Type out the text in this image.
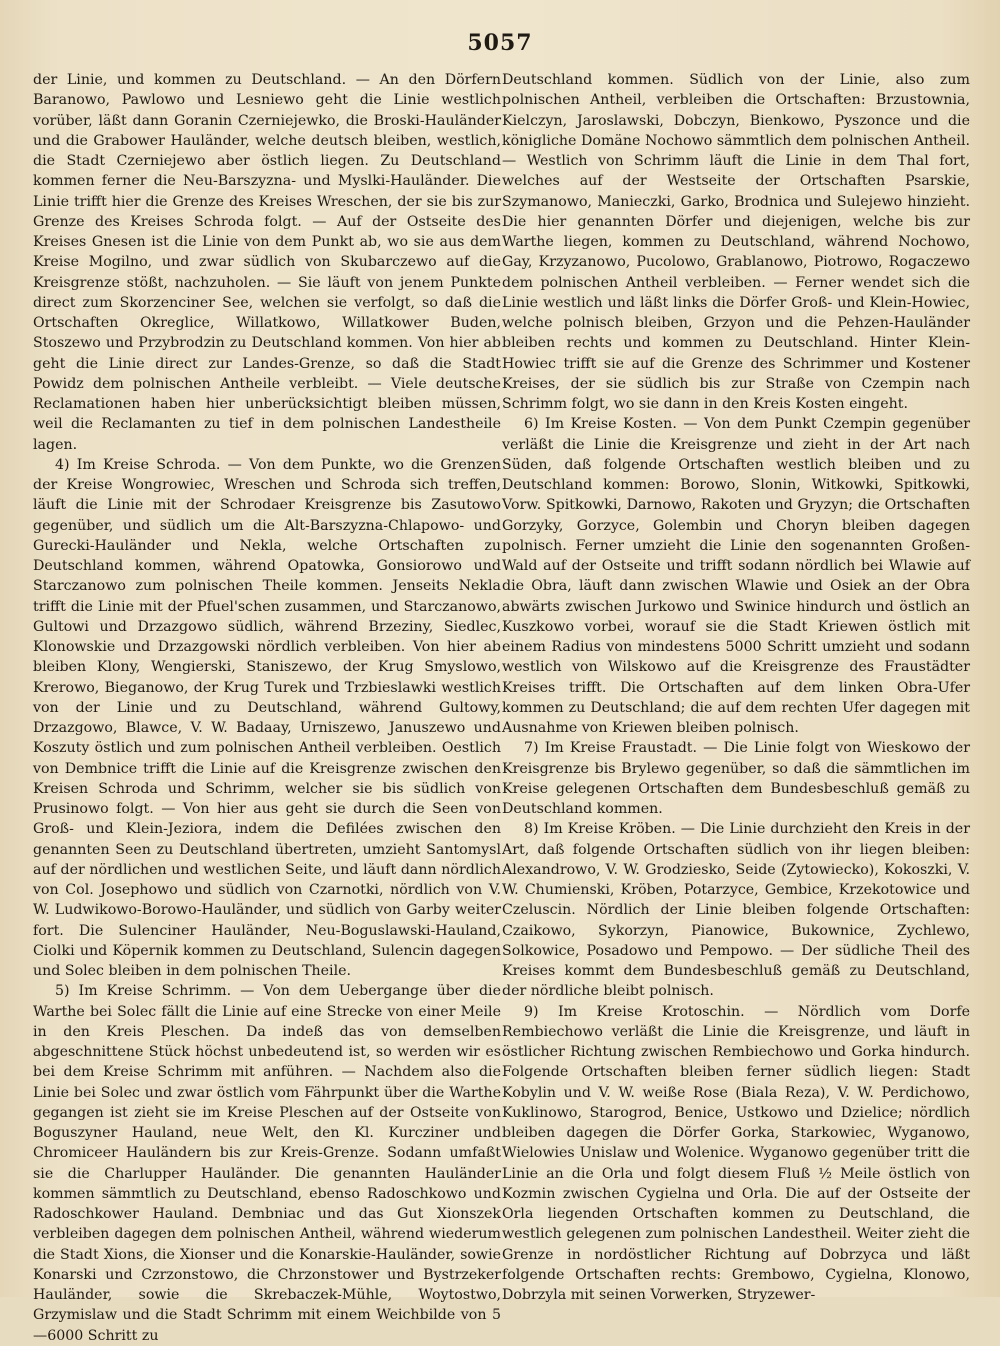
5057

der Linie, und kommen zu Deutschland. — An den Dörfern Baranowo, Pawlowo und Lesniewo geht die Linie westlich vorüber, läßt dann Goranin Czerniejewko, die Broski-Hauländer und die Grabower Hauländer, welche deutsch bleiben, westlich, die Stadt Czerniejewo aber östlich liegen. Zu Deutschland kommen ferner die Neu-Barszyzna- und Myslki-Hauländer. Die Linie trifft hier die Grenze des Kreises Wreschen, der sie bis zur Grenze des Kreises Schroda folgt. — Auf der Ostseite des Kreises Gnesen ist die Linie von dem Punkt ab, wo sie aus dem Kreise Mogilno, und zwar südlich von Skubarczewo auf die Kreisgrenze stößt, nachzuholen. — Sie läuft von jenem Punkte direct zum Skorzenciner See, welchen sie verfolgt, so daß die Ortschaften Okreglice, Willatkowo, Willatkower Buden, Stoszewo und Przybrodzin zu Deutschland kommen. Von hier ab geht die Linie direct zur Landes-Grenze, so daß die Stadt Powidz dem polnischen Antheile verbleibt. — Viele deutsche Reclamationen haben hier unberücksichtigt bleiben müssen, weil die Reclamanten zu tief in dem polnischen Landestheile lagen.

4) Im Kreise Schroda. — Von dem Punkte, wo die Grenzen der Kreise Wongrowiec, Wreschen und Schroda sich treffen, läuft die Linie mit der Schrodaer Kreisgrenze bis Zasutowo gegenüber, und südlich um die Alt-Barszyzna-Chlapowo- und Gurecki-Hauländer und Nekla, welche Ortschaften zu Deutschland kommen, während Opatowka, Gonsiorowo und Starczanowo zum polnischen Theile kommen. Jenseits Nekla trifft die Linie mit der Pfuel'schen zusammen, und Starczanowo, Gultowi und Drzazgowo südlich, während Brzeziny, Siedlec, Klonowskie und Drzazgowski nördlich verbleiben. Von hier ab bleiben Klony, Wengierski, Staniszewo, der Krug Smyslowo, Krerowo, Bieganowo, der Krug Turek und Trzbieslawki westlich von der Linie und zu Deutschland, während Gultowy, Drzazgowo, Blawce, V. W. Badaay, Urniszewo, Januszewo und Koszuty östlich und zum polnischen Antheil verbleiben. Oestlich von Dembnice trifft die Linie auf die Kreisgrenze zwischen den Kreisen Schroda und Schrimm, welcher sie bis südlich von Prusinowo folgt. — Von hier aus geht sie durch die Seen von Groß- und Klein-Jeziora, indem die Defilées zwischen den genannten Seen zu Deutschland übertreten, umzieht Santomysl auf der nördlichen und westlichen Seite, und läuft dann nördlich von Col. Josephowo und südlich von Czarnotki, nördlich von V. W. Ludwikowo-Borowo-Hauländer, und südlich von Garby weiter fort. Die Sulenciner Hauländer, Neu-Boguslawski-Hauland, Ciolki und Köpernik kommen zu Deutschland, Sulencin dagegen und Solec bleiben in dem polnischen Theile.

5) Im Kreise Schrimm. — Von dem Uebergange über die Warthe bei Solec fällt die Linie auf eine Strecke von einer Meile in den Kreis Pleschen. Da indeß das von demselben abgeschnittene Stück höchst unbedeutend ist, so werden wir es bei dem Kreise Schrimm mit anführen. — Nachdem also die Linie bei Solec und zwar östlich vom Fährpunkt über die Warthe gegangen ist zieht sie im Kreise Pleschen auf der Ostseite von Boguszyner Hauland, neue Welt, den Kl. Kurcziner und Chromiceer Hauländern bis zur Kreis-Grenze. Sodann umfaßt sie die Charlupper Hauländer. Die genannten Hauländer kommen sämmtlich zu Deutschland, ebenso Radoschkowo und Radoschkower Hauland. Dembniac und das Gut Xionszek verbleiben dagegen dem polnischen Antheil, während wiederum die Stadt Xions, die Xionser und die Konarskie-Hauländer, sowie Konarski und Czrzonstowo, die Chrzonstower und Bystrzeker Hauländer, sowie die Skrebaczek-Mühle, Woytostwo, Grzymislaw und die Stadt Schrimm mit einem Weichbilde von 5—6000 Schritt zu

Deutschland kommen. Südlich von der Linie, also zum polnischen Antheil, verbleiben die Ortschaften: Brzustownia, Kielczyn, Jaroslawski, Dobczyn, Bienkowo, Pyszonce und die königliche Domäne Nochowo sämmtlich dem polnischen Antheil. — Westlich von Schrimm läuft die Linie in dem Thal fort, welches auf der Westseite der Ortschaften Psarskie, Szymanowo, Manieczki, Garko, Brodnica und Sulejewo hinzieht. Die hier genannten Dörfer und diejenigen, welche bis zur Warthe liegen, kommen zu Deutschland, während Nochowo, Gay, Krzyzanowo, Pucolowo, Grablanowo, Piotrowo, Rogaczewo dem polnischen Antheil verbleiben. — Ferner wendet sich die Linie westlich und läßt links die Dörfer Groß- und Klein-Howiec, welche polnisch bleiben, Grzyon und die Pehzen-Hauländer bleiben rechts und kommen zu Deutschland. Hinter Klein-Howiec trifft sie auf die Grenze des Schrimmer und Kostener Kreises, der sie südlich bis zur Straße von Czempin nach Schrimm folgt, wo sie dann in den Kreis Kosten eingeht.

6) Im Kreise Kosten. — Von dem Punkt Czempin gegenüber verläßt die Linie die Kreisgrenze und zieht in der Art nach Süden, daß folgende Ortschaften westlich bleiben und zu Deutschland kommen: Borowo, Slonin, Witkowki, Spitkowki, Vorw. Spitkowki, Darnowo, Rakoten und Gryzyn; die Ortschaften Gorzyky, Gorzyce, Golembin und Choryn bleiben dagegen polnisch. Ferner umzieht die Linie den sogenannten Großen-Wald auf der Ostseite und trifft sodann nördlich bei Wlawie auf die Obra, läuft dann zwischen Wlawie und Osiek an der Obra abwärts zwischen Jurkowo und Swinice hindurch und östlich an Kuszkowo vorbei, worauf sie die Stadt Kriewen östlich mit einem Radius von mindestens 5000 Schritt umzieht und sodann westlich von Wilskowo auf die Kreisgrenze des Fraustädter Kreises trifft. Die Ortschaften auf dem linken Obra-Ufer kommen zu Deutschland; die auf dem rechten Ufer dagegen mit Ausnahme von Kriewen bleiben polnisch.

7) Im Kreise Fraustadt. — Die Linie folgt von Wieskowo der Kreisgrenze bis Brylewo gegenüber, so daß die sämmtlichen im Kreise gelegenen Ortschaften dem Bundesbeschluß gemäß zu Deutschland kommen.

8) Im Kreise Kröben. — Die Linie durchzieht den Kreis in der Art, daß folgende Ortschaften südlich von ihr liegen bleiben: Alexandrowo, V. W. Grodziesko, Seide (Zytowiecko), Kokoszki, V. W. Chumienski, Kröben, Potarzyce, Gembice, Krzekotowice und Czeluscin. Nördlich der Linie bleiben folgende Ortschaften: Czaikowo, Sykorzyn, Pianowice, Bukownice, Zychlewo, Solkowice, Posadowo und Pempowo. — Der südliche Theil des Kreises kommt dem Bundesbeschluß gemäß zu Deutschland, der nördliche bleibt polnisch.

9) Im Kreise Krotoschin. — Nördlich vom Dorfe Rembiechowo verläßt die Linie die Kreisgrenze, und läuft in östlicher Richtung zwischen Rembiechowo und Gorka hindurch. Folgende Ortschaften bleiben ferner südlich liegen: Stadt Kobylin und V. W. weiße Rose (Biala Reza), V. W. Perdichowo, Kuklinowo, Starogrod, Benice, Ustkowo und Dzielice; nördlich bleiben dagegen die Dörfer Gorka, Starkowiec, Wyganowo, Wielowies Unislaw und Wolenice. Wyganowo gegenüber tritt die Linie an die Orla und folgt diesem Fluß ½ Meile östlich von Kozmin zwischen Cygielna und Orla. Die auf der Ostseite der Orla liegenden Ortschaften kommen zu Deutschland, die westlich gelegenen zum polnischen Landestheil. Weiter zieht die Grenze in nordöstlicher Richtung auf Dobrzyca und läßt folgende Ortschaften rechts: Grembowo, Cygielna, Klonowo, Dobrzyla mit seinen Vorwerken, Stryzewer-
